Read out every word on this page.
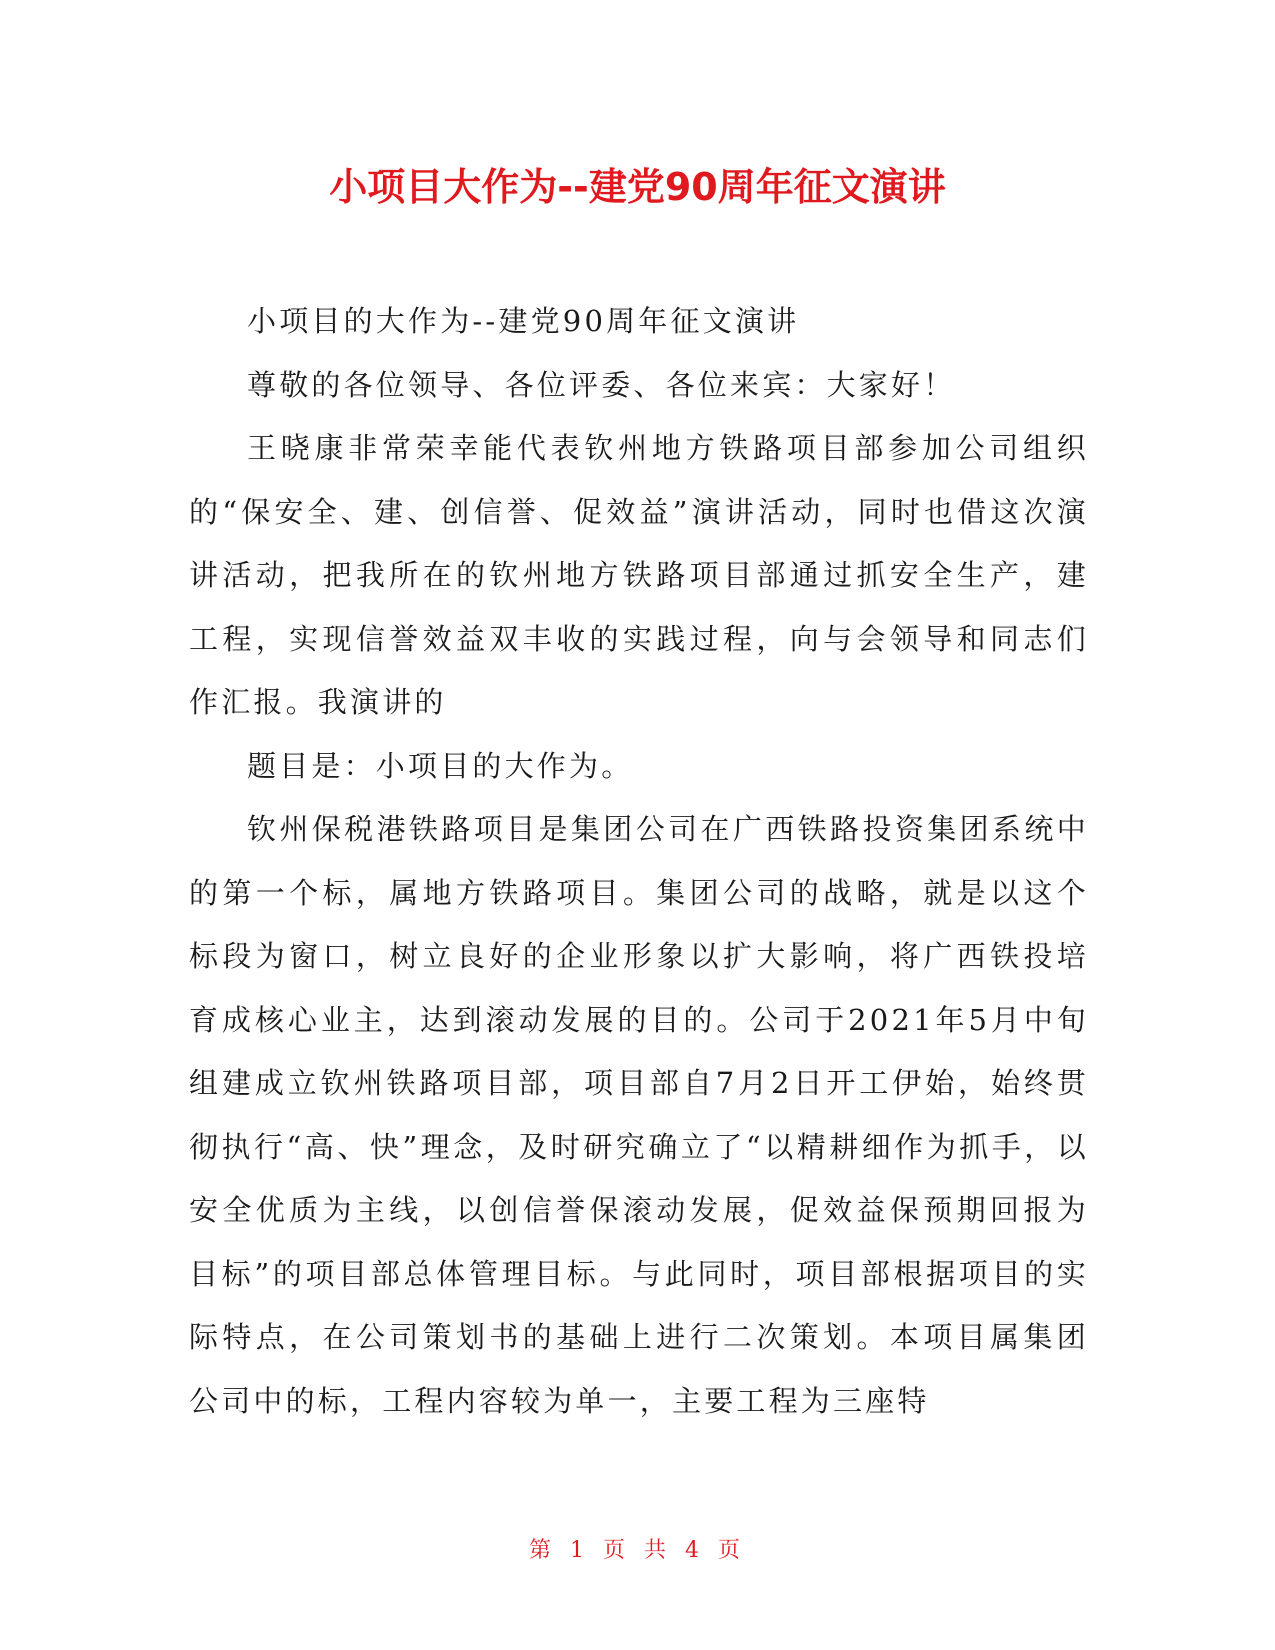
小项目大作为--建党90周年征文演讲

小项目的大作为--建党90周年征文演讲

尊敬的各位领导、各位评委、各位来宾：大家好！

王晓康非常荣幸能代表钦州地方铁路项目部参加公司组织的“保安全、建、创信誉、促效益”演讲活动，同时也借这次演讲活动，把我所在的钦州地方铁路项目部通过抓安全生产，建工程，实现信誉效益双丰收的实践过程，向与会领导和同志们作汇报。我演讲的

题目是：小项目的大作为。

钦州保税港铁路项目是集团公司在广西铁路投资集团系统中的第一个标，属地方铁路项目。集团公司的战略，就是以这个标段为窗口，树立良好的企业形象以扩大影响，将广西铁投培育成核心业主，达到滚动发展的目的。公司于2021年5月中旬组建成立钦州铁路项目部，项目部自7月2日开工伊始，始终贯彻执行“高、快”理念，及时研究确立了“以精耕细作为抓手，以安全优质为主线，以创信誉保滚动发展，促效益保预期回报为目标”的项目部总体管理目标。与此同时，项目部根据项目的实际特点，在公司策划书的基础上进行二次策划。本项目属集团公司中的标，工程内容较为单一，主要工程为三座特

第 1 页 共 4 页
